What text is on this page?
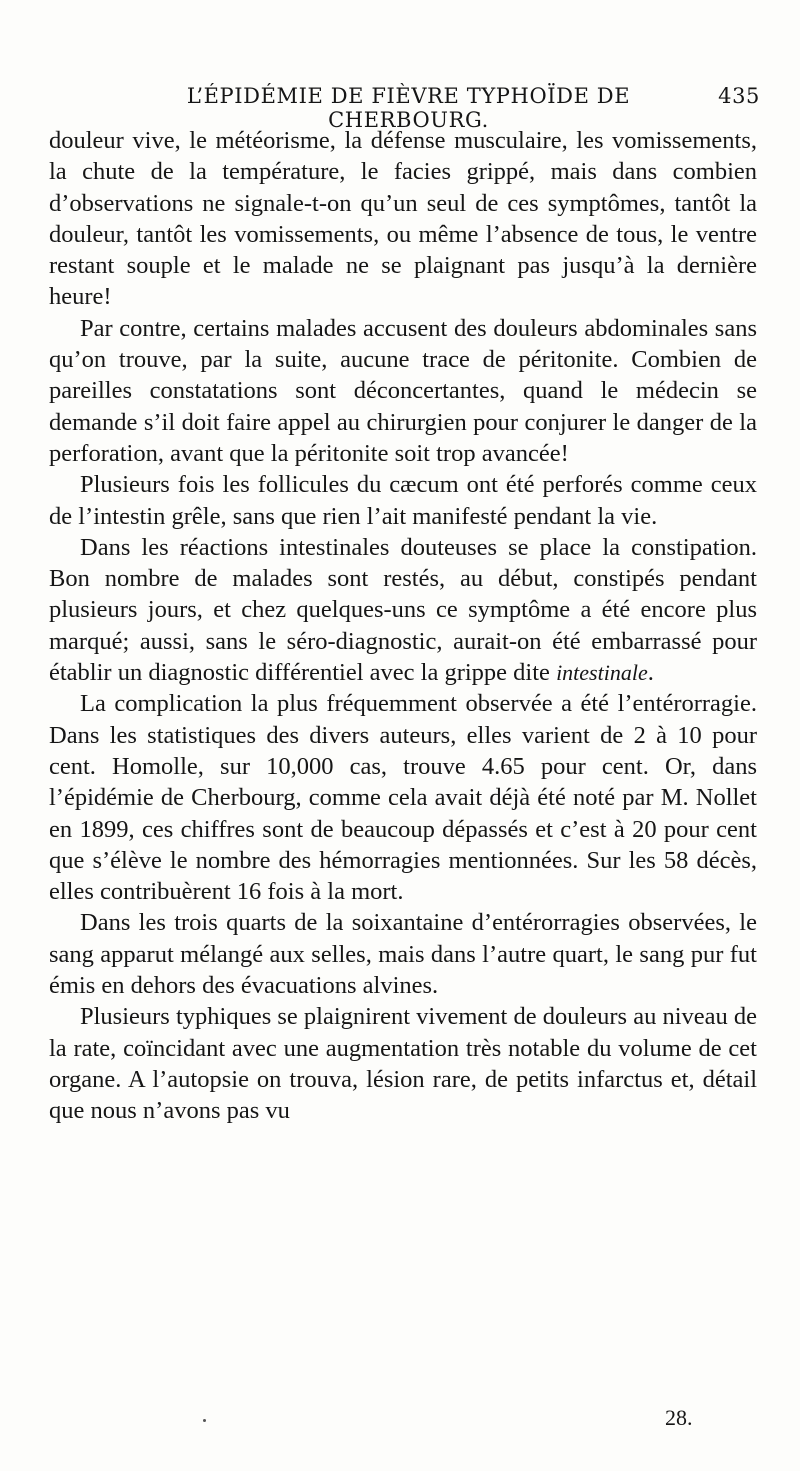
L’ÉPIDÉMIE DE FIÈVRE TYPHOÏDE DE CHERBOURG.
435

douleur vive, le météorisme, la défense musculaire, les vomissements, la chute de la température, le facies grippé, mais dans combien d’observations ne signale-t-on qu’un seul de ces symptômes, tantôt la douleur, tantôt les vomissements, ou même l’absence de tous, le ventre restant souple et le malade ne se plaignant pas jusqu’à la dernière heure!

Par contre, certains malades accusent des douleurs abdominales sans qu’on trouve, par la suite, aucune trace de péritonite. Combien de pareilles constatations sont déconcertantes, quand le médecin se demande s’il doit faire appel au chirurgien pour conjurer le danger de la perforation, avant que la péritonite soit trop avancée!

Plusieurs fois les follicules du cæcum ont été perforés comme ceux de l’intestin grêle, sans que rien l’ait manifesté pendant la vie.

Dans les réactions intestinales douteuses se place la constipation. Bon nombre de malades sont restés, au début, constipés pendant plusieurs jours, et chez quelques-uns ce symptôme a été encore plus marqué; aussi, sans le séro-diagnostic, aurait-on été embarrassé pour établir un diagnostic différentiel avec la grippe dite intestinale.

La complication la plus fréquemment observée a été l’entérorragie. Dans les statistiques des divers auteurs, elles varient de 2 à 10 pour cent. Homolle, sur 10,000 cas, trouve 4.65 pour cent. Or, dans l’épidémie de Cherbourg, comme cela avait déjà été noté par M. Nollet en 1899, ces chiffres sont de beaucoup dépassés et c’est à 20 pour cent que s’élève le nombre des hémorragies mentionnées. Sur les 58 décès, elles contribuèrent 16 fois à la mort.

Dans les trois quarts de la soixantaine d’entérorragies observées, le sang apparut mélangé aux selles, mais dans l’autre quart, le sang pur fut émis en dehors des évacuations alvines.

Plusieurs typhiques se plaignirent vivement de douleurs au niveau de la rate, coïncidant avec une augmentation très notable du volume de cet organe. A l’autopsie on trouva, lésion rare, de petits infarctus et, détail que nous n’avons pas vu

28.
